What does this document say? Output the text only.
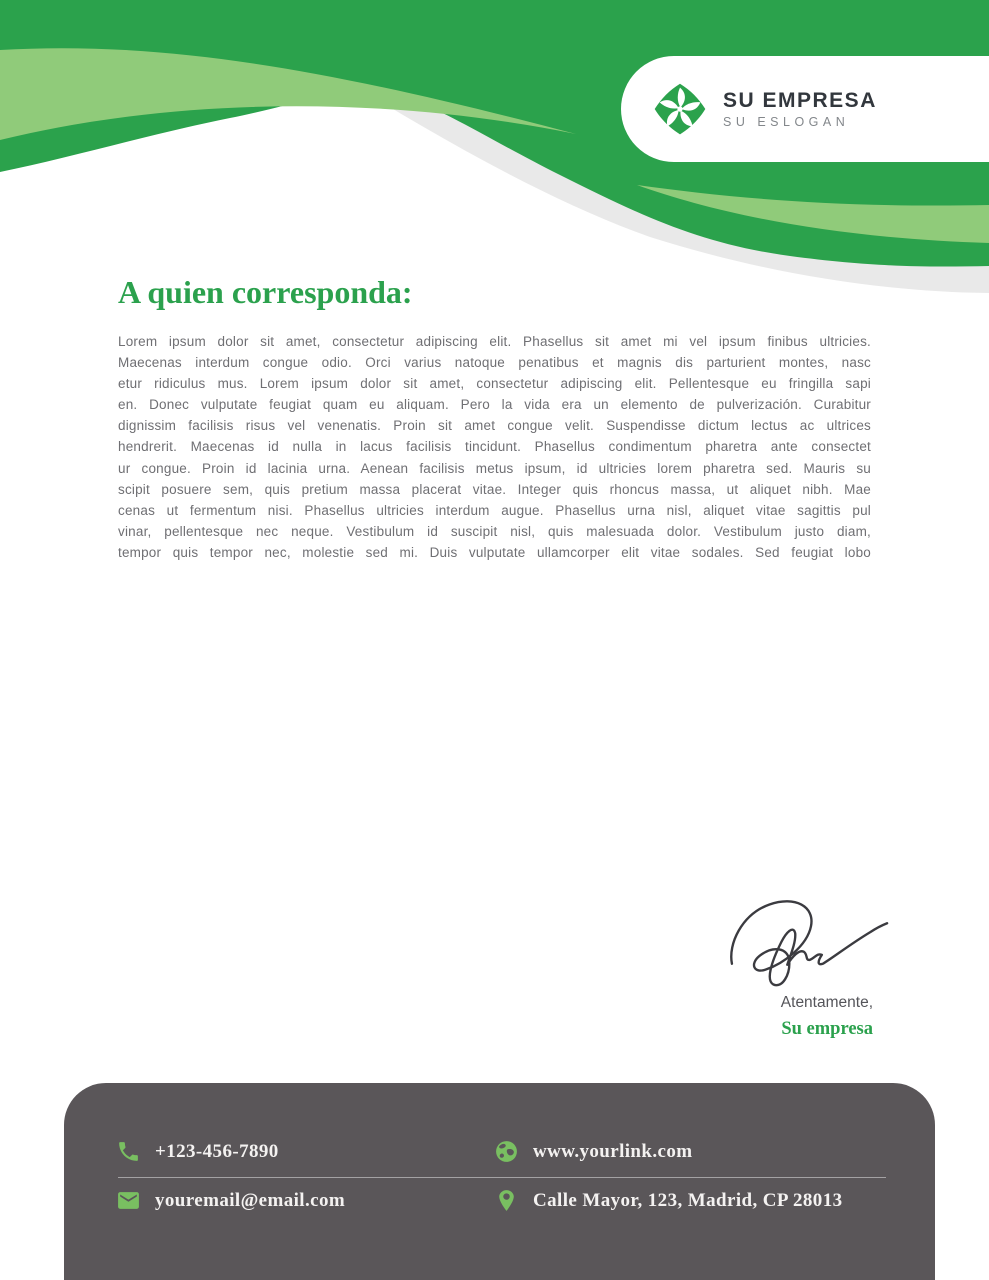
SU EMPRESA
SU ESLOGAN
A quien corresponda:
Lorem ipsum dolor sit amet, consectetur adipiscing elit. Phasellus sit amet mi vel ipsum finibus ultricies.
Maecenas interdum congue odio. Orci varius natoque penatibus et magnis dis parturient montes, nasc
etur ridiculus mus. Lorem ipsum dolor sit amet, consectetur adipiscing elit. Pellentesque eu fringilla sapi
en. Donec vulputate feugiat quam eu aliquam. Pero la vida era un elemento de pulverización. Curabitur
dignissim facilisis risus vel venenatis. Proin sit amet congue velit. Suspendisse dictum lectus ac ultrices
hendrerit. Maecenas id nulla in lacus facilisis tincidunt. Phasellus condimentum pharetra ante consectet
ur congue. Proin id lacinia urna. Aenean facilisis metus ipsum, id ultricies lorem pharetra sed. Mauris su
scipit posuere sem, quis pretium massa placerat vitae. Integer quis rhoncus massa, ut aliquet nibh. Mae
cenas ut fermentum nisi. Phasellus ultricies interdum augue. Phasellus urna nisl, aliquet vitae sagittis pul
vinar, pellentesque nec neque. Vestibulum id suscipit nisl, quis malesuada dolor. Vestibulum justo diam,
tempor quis tempor nec, molestie sed mi. Duis vulputate ullamcorper elit vitae sodales. Sed feugiat lobo
Atentamente,
Su empresa
+123-456-7890	www.yourlink.com
youremail@email.com	Calle Mayor, 123, Madrid, CP 28013
